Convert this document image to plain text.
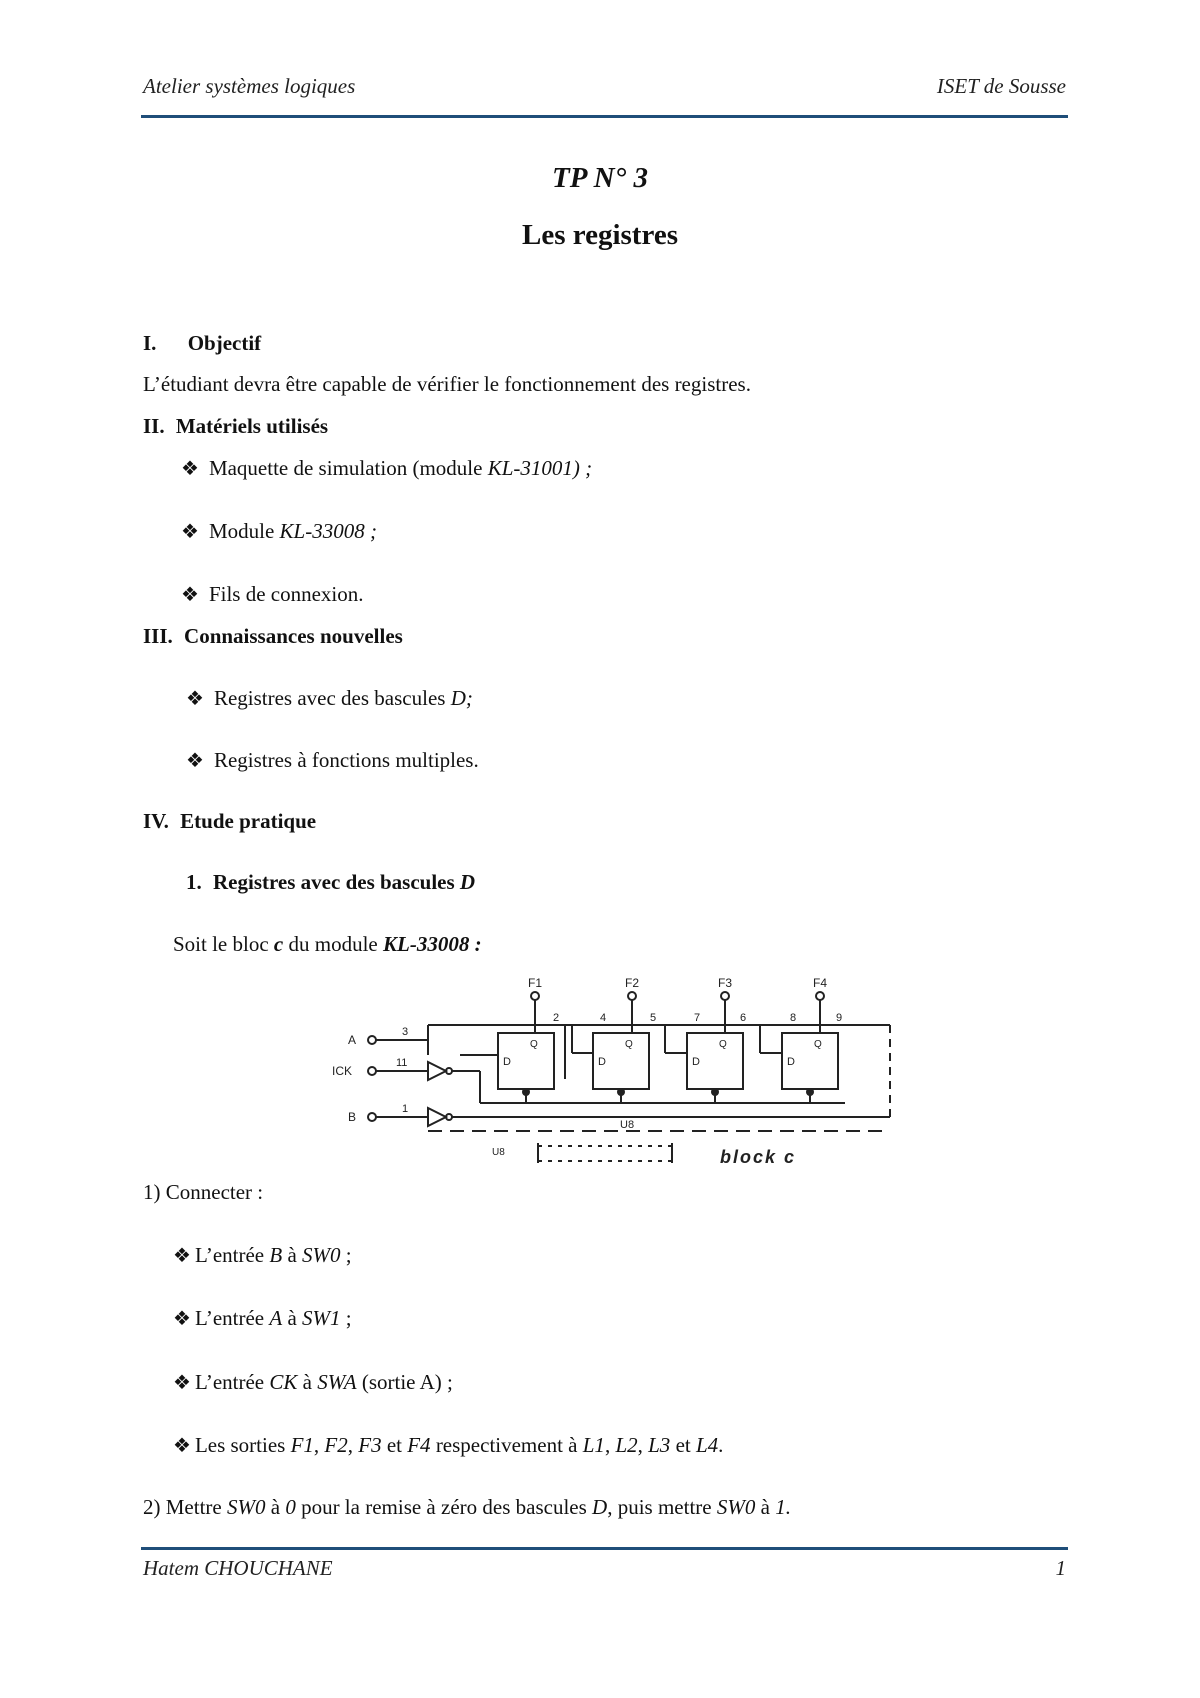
Atelier systèmes logiques	ISET de Sousse
TP N° 3
Les registres
I. Objectif
L’étudiant devra être capable de vérifier le fonctionnement des registres.
II. Matériels utilisés
❖ Maquette de simulation (module KL-31001) ;
❖ Module KL-33008 ;
❖ Fils de connexion.
III. Connaissances nouvelles
❖ Registres avec des bascules D;
❖ Registres à fonctions multiples.
IV. Etude pratique
1. Registres avec des bascules D
Soit le bloc c du module KL-33008 :
F1	F2	F3	F4
2	4	5	7	6	8	9
A
3
ICK
11
B
1
Q	Q	Q	Q
D	D	D	D
U8
U8	block c
1) Connecter :
❖ L’entrée B à SW0 ;
❖ L’entrée A à SW1 ;
❖ L’entrée CK à SWA (sortie A) ;
❖ Les sorties F1, F2, F3 et F4 respectivement à L1, L2, L3 et L4.
2) Mettre SW0 à 0 pour la remise à zéro des bascules D, puis mettre SW0 à 1.
Hatem CHOUCHANE	1
